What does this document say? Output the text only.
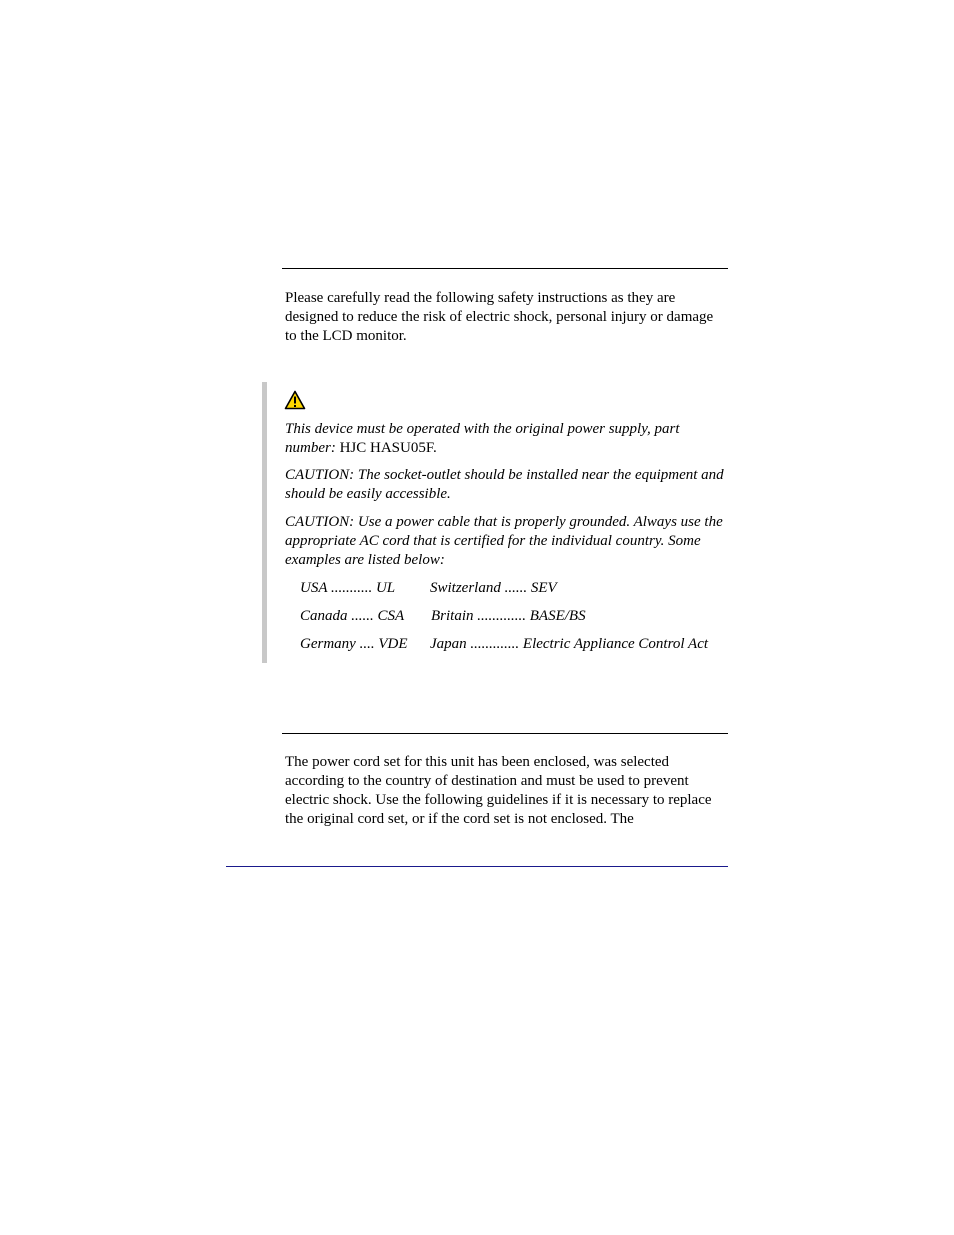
Please carefully read the following safety instructions as they are designed to reduce the risk of electric shock, personal injury or damage to the LCD monitor.

This device must be operated with the original power supply, part number: HJC HASU05F.

CAUTION: The socket-outlet should be installed near the equipment and should be easily accessible.

CAUTION: Use a power cable that is properly grounded. Always use the appropriate AC cord that is certified for the individual country. Some examples are listed below:

USA ........... UL Switzerland ...... SEV
Canada ...... CSA Britain ............. BASE/BS
Germany .... VDE Japan ............. Electric Appliance Control Act

The power cord set for this unit has been enclosed, was selected according to the country of destination and must be used to prevent electric shock. Use the following guidelines if it is necessary to replace the original cord set, or if the cord set is not enclosed. The
